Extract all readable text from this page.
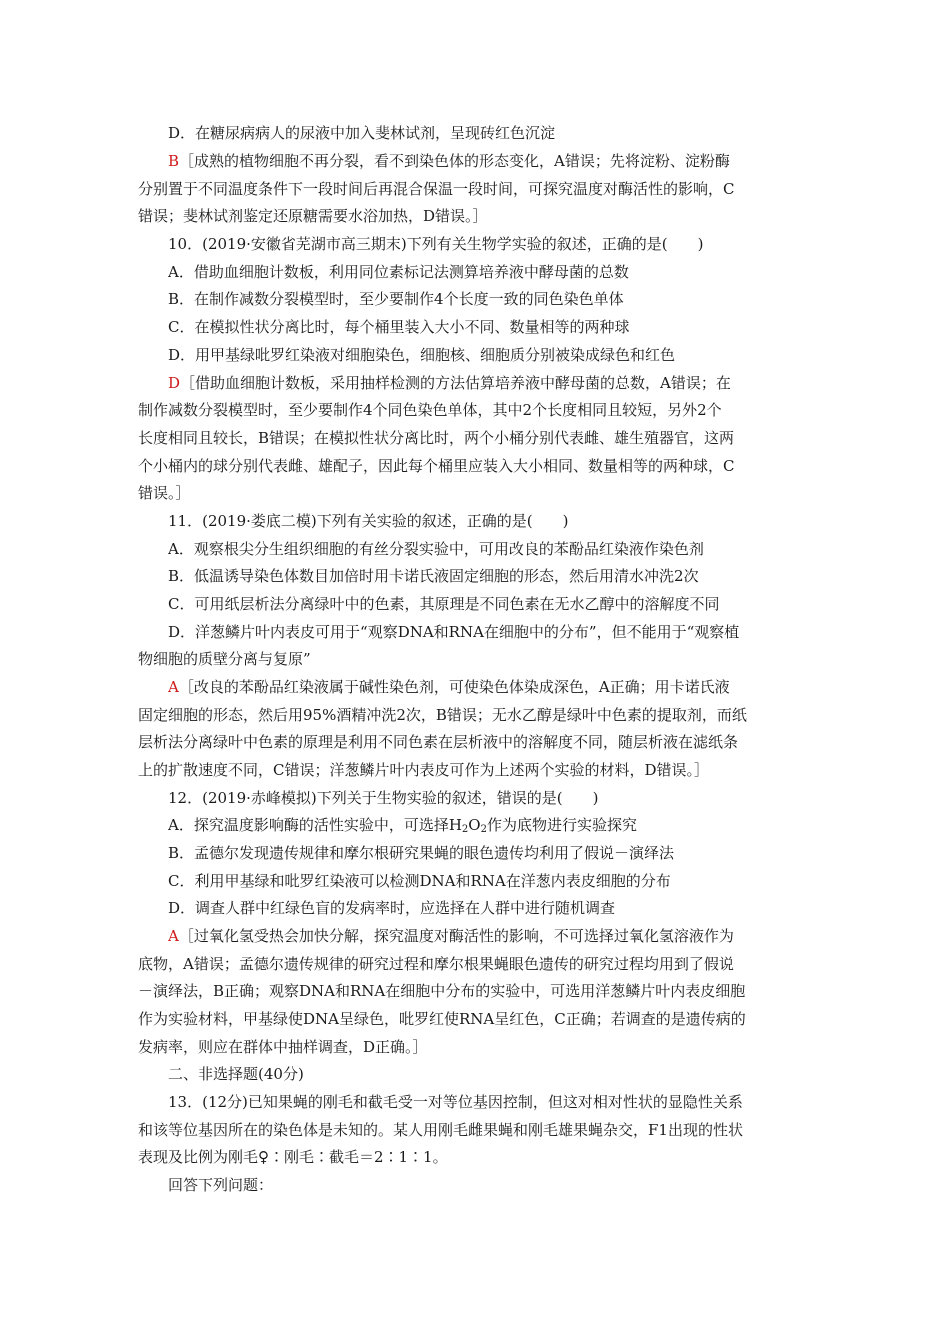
D．在糖尿病病人的尿液中加入斐林试剂，呈现砖红色沉淀
B［成熟的植物细胞不再分裂，看不到染色体的形态变化，A错误；先将淀粉、淀粉酶
分别置于不同温度条件下一段时间后再混合保温一段时间，可探究温度对酶活性的影响，C
错误；斐林试剂鉴定还原糖需要水浴加热，D错误。］
10．(2019·安徽省芜湖市高三期末)下列有关生物学实验的叙述，正确的是(　　)
A．借助血细胞计数板，利用同位素标记法测算培养液中酵母菌的总数
B．在制作减数分裂模型时，至少要制作4个长度一致的同色染色单体
C．在模拟性状分离比时，每个桶里装入大小不同、数量相等的两种球
D．用甲基绿吡罗红染液对细胞染色，细胞核、细胞质分别被染成绿色和红色
D［借助血细胞计数板，采用抽样检测的方法估算培养液中酵母菌的总数，A错误；在
制作减数分裂模型时，至少要制作4个同色染色单体，其中2个长度相同且较短，另外2个
长度相同且较长，B错误；在模拟性状分离比时，两个小桶分别代表雌、雄生殖器官，这两
个小桶内的球分别代表雌、雄配子，因此每个桶里应装入大小相同、数量相等的两种球，C
错误。］
11．(2019·娄底二模)下列有关实验的叙述，正确的是(　　)
A．观察根尖分生组织细胞的有丝分裂实验中，可用改良的苯酚品红染液作染色剂
B．低温诱导染色体数目加倍时用卡诺氏液固定细胞的形态，然后用清水冲洗2次
C．可用纸层析法分离绿叶中的色素，其原理是不同色素在无水乙醇中的溶解度不同
D．洋葱鳞片叶内表皮可用于“观察DNA和RNA在细胞中的分布”，但不能用于“观察植
物细胞的质壁分离与复原”
A［改良的苯酚品红染液属于碱性染色剂，可使染色体染成深色，A正确；用卡诺氏液
固定细胞的形态，然后用95%酒精冲洗2次，B错误；无水乙醇是绿叶中色素的提取剂，而纸
层析法分离绿叶中色素的原理是利用不同色素在层析液中的溶解度不同，随层析液在滤纸条
上的扩散速度不同，C错误；洋葱鳞片叶内表皮可作为上述两个实验的材料，D错误。］
12．(2019·赤峰模拟)下列关于生物实验的叙述，错误的是(　　)
A．探究温度影响酶的活性实验中，可选择$H_2O_2$作为底物进行实验探究
B．孟德尔发现遗传规律和摩尔根研究果蝇的眼色遗传均利用了假说－演绎法
C．利用甲基绿和吡罗红染液可以检测DNA和RNA在洋葱内表皮细胞的分布
D．调查人群中红绿色盲的发病率时，应选择在人群中进行随机调查
A［过氧化氢受热会加快分解，探究温度对酶活性的影响，不可选择过氧化氢溶液作为
底物，A错误；孟德尔遗传规律的研究过程和摩尔根果蝇眼色遗传的研究过程均用到了假说
－演绎法，B正确；观察DNA和RNA在细胞中分布的实验中，可选用洋葱鳞片叶内表皮细胞
作为实验材料，甲基绿使DNA呈绿色，吡罗红使RNA呈红色，C正确；若调查的是遗传病的
发病率，则应在群体中抽样调查，D正确。］
二、非选择题(40分)
13．(12分)已知果蝇的刚毛和截毛受一对等位基因控制，但这对相对性状的显隐性关系
和该等位基因所在的染色体是未知的。某人用刚毛雌果蝇和刚毛雄果蝇杂交，F1出现的性状
表现及比例为刚毛♀∶刚毛∶截毛＝2∶1∶1。
回答下列问题：
